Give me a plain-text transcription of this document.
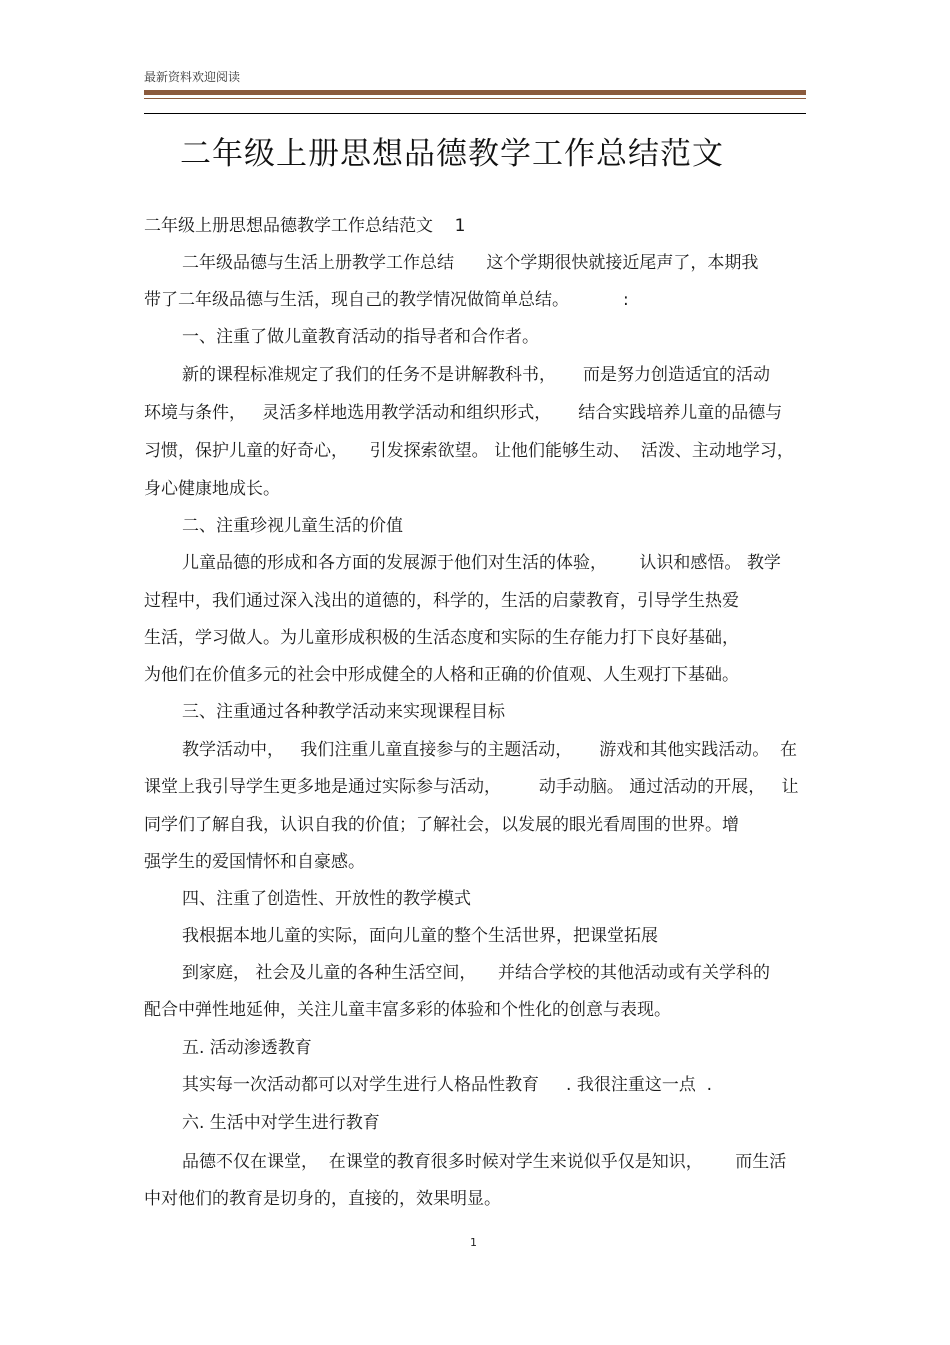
最新资料欢迎阅读
二年级上册思想品德教学工作总结范文
二年级上册思想品德教学工作总结范文    1
二年级品德与生活上册教学工作总结      这个学期很快就接近尾声了，本期我
带了二年级品德与生活，现自己的教学情况做简单总结。          :
一、注重了做儿童教育活动的指导者和合作者。
新的课程标准规定了我们的任务不是讲解教科书，     而是努力创造适宜的活动
环境与条件，   灵活多样地选用教学活动和组织形式，     结合实践培养儿童的品德与
习惯，保护儿童的好奇心，    引发探索欲望。 让他们能够生动、  活泼、主动地学习，
身心健康地成长。
二、注重珍视儿童生活的价值
儿童品德的形成和各方面的发展源于他们对生活的体验，      认识和感悟。 教学
过程中，我们通过深入浅出的道德的，科学的，生活的启蒙教育，引导学生热爱
生活，学习做人。为儿童形成积极的生活态度和实际的生存能力打下良好基础，
为他们在价值多元的社会中形成健全的人格和正确的价值观、人生观打下基础。
三、注重通过各种教学活动来实现课程目标
教学活动中，   我们注重儿童直接参与的主题活动，     游戏和其他实践活动。  在
课堂上我引导学生更多地是通过实际参与活动，       动手动脑。 通过活动的开展，   让
同学们了解自我，认识自我的价值；了解社会，以发展的眼光看周围的世界。增
强学生的爱国情怀和自豪感。
四、注重了创造性、开放性的教学模式
我根据本地儿童的实际，面向儿童的整个生活世界，把课堂拓展
到家庭， 社会及儿童的各种生活空间，    并结合学校的其他活动或有关学科的
配合中弹性地延伸，关注儿童丰富多彩的体验和个性化的创意与表现。
五. 活动渗透教育
其实每一次活动都可以对学生进行人格品性教育     . 我很注重这一点  .
六. 生活中对学生进行教育
品德不仅在课堂，  在课堂的教育很多时候对学生来说似乎仅是知识，      而生活
中对他们的教育是切身的，直接的，效果明显。
1
